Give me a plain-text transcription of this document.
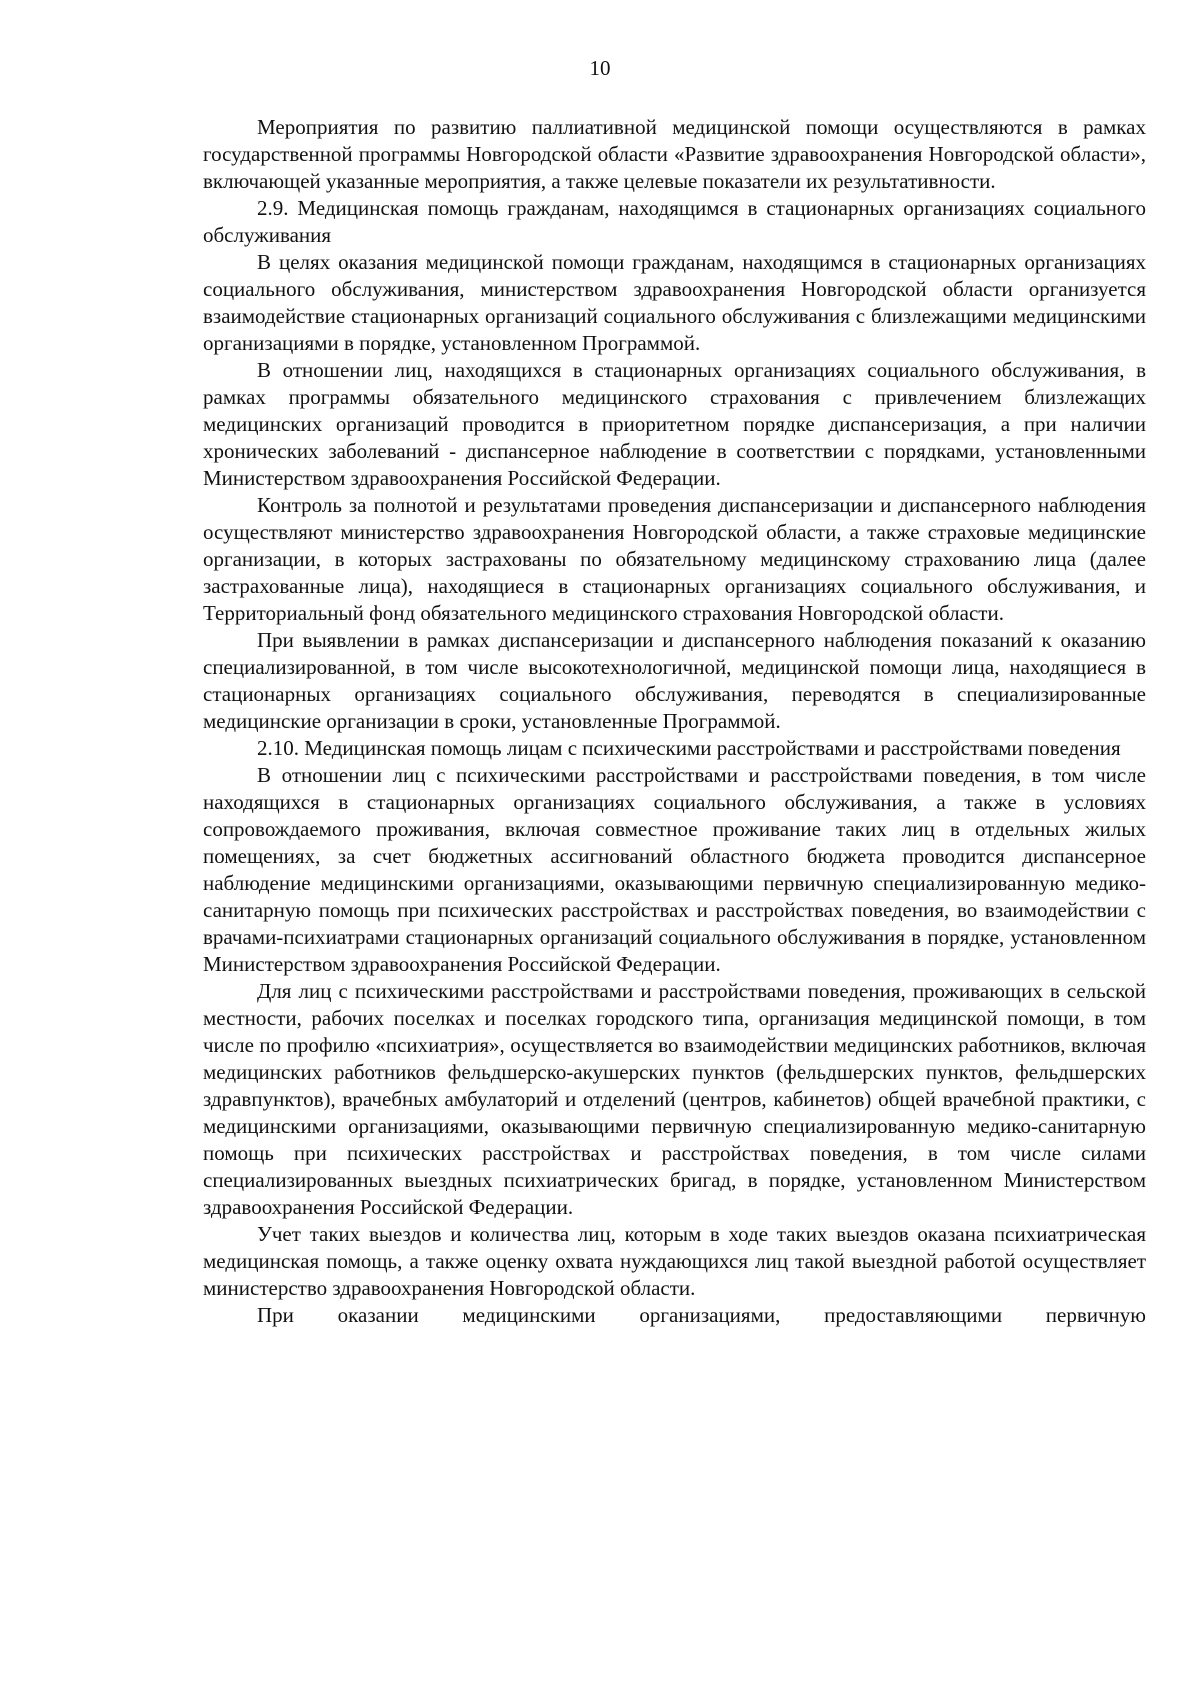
10

Мероприятия по развитию паллиативной медицинской помощи осуществляются в рамках государственной программы Новгородской области «Развитие здравоохранения Новгородской области», включающей указанные мероприятия, а также целевые показатели их результативности.

2.9. Медицинская помощь гражданам, находящимся в стационарных организациях социального обслуживания

В целях оказания медицинской помощи гражданам, находящимся в стационарных организациях социального обслуживания, министерством здравоохранения Новгородской области организуется взаимодействие стационарных организаций социального обслуживания с близлежащими медицинскими организациями в порядке, установленном Программой.

В отношении лиц, находящихся в стационарных организациях социального обслуживания, в рамках программы обязательного медицинского страхования с привлечением близлежащих медицинских организаций проводится в приоритетном порядке диспансеризация, а при наличии хронических заболеваний - диспансерное наблюдение в соответствии с порядками, установленными Министерством здравоохранения Российской Федерации.

Контроль за полнотой и результатами проведения диспансеризации и диспансерного наблюдения осуществляют министерство здравоохранения Новгородской области, а также страховые медицинские организации, в которых застрахованы по обязательному медицинскому страхованию лица (далее застрахованные лица), находящиеся в стационарных организациях социального обслуживания, и Территориальный фонд обязательного медицинского страхования Новгородской области.

При выявлении в рамках диспансеризации и диспансерного наблюдения показаний к оказанию специализированной, в том числе высокотехнологичной, медицинской помощи лица, находящиеся в стационарных организациях социального обслуживания, переводятся в специализированные медицинские организации в сроки, установленные Программой.

2.10. Медицинская помощь лицам с психическими расстройствами и расстройствами поведения

В отношении лиц с психическими расстройствами и расстройствами поведения, в том числе находящихся в стационарных организациях социального обслуживания, а также в условиях сопровождаемого проживания, включая совместное проживание таких лиц в отдельных жилых помещениях, за счет бюджетных ассигнований областного бюджета проводится диспансерное наблюдение медицинскими организациями, оказывающими первичную специализированную медико-санитарную помощь при психических расстройствах и расстройствах поведения, во взаимодействии с врачами-психиатрами стационарных организаций социального обслуживания в порядке, установленном Министерством здравоохранения Российской Федерации.

Для лиц с психическими расстройствами и расстройствами поведения, проживающих в сельской местности, рабочих поселках и поселках городского типа, организация медицинской помощи, в том числе по профилю «психиатрия», осуществляется во взаимодействии медицинских работников, включая медицинских работников фельдшерско-акушерских пунктов (фельдшерских пунктов, фельдшерских здравпунктов), врачебных амбулаторий и отделений (центров, кабинетов) общей врачебной практики, с медицинскими организациями, оказывающими первичную специализированную медико-санитарную помощь при психических расстройствах и расстройствах поведения, в том числе силами специализированных выездных психиатрических бригад, в порядке, установленном Министерством здравоохранения Российской Федерации.

Учет таких выездов и количества лиц, которым в ходе таких выездов оказана психиатрическая медицинская помощь, а также оценку охвата нуждающихся лиц такой выездной работой осуществляет министерство здравоохранения Новгородской области.

При оказании медицинскими организациями, предоставляющими первичную
